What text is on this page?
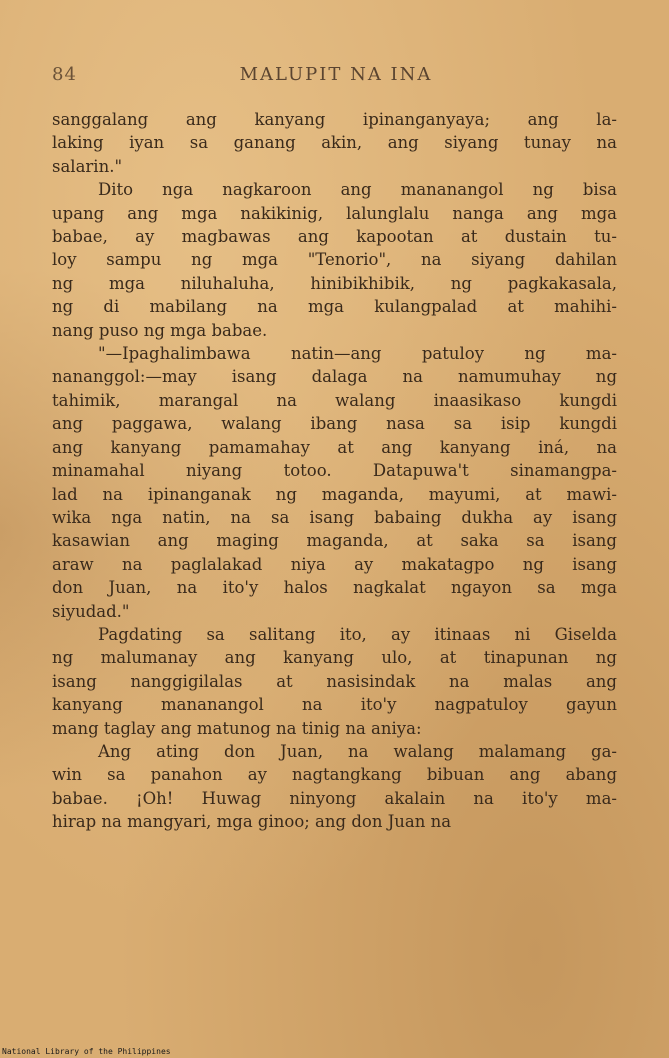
84	MALUPIT NA INA

sanggalang ang kanyang ipinanganyaya; ang la-
laking iyan sa ganang akin, ang siyang tunay na
salarin."

Dito nga nagkaroon ang mananangol ng bisa
upang ang mga nakikinig, lalunglalu nanga ang mga
babae, ay magbawas ang kapootan at dustain tu-
loy sampu ng mga "Tenorio", na siyang dahilan
ng mga niluhaluha, hinibikhibik, ng pagkakasala,
ng di mabilang na mga kulangpalad at mahihi-
nang puso ng mga babae.

"—Ipaghalimbawa natin—ang patuloy ng ma-
nananggol:—may isang dalaga na namumuhay ng
tahimik, marangal na walang inaasikaso kungdi
ang paggawa, walang ibang nasa sa isip kungdi
ang kanyang pamamahay at ang kanyang iná, na
minamahal niyang totoo. Datapuwa't sinamangpa-
lad na ipinanganak ng maganda, mayumi, at mawi-
wika nga natin, na sa isang babaing dukha ay isang
kasawian ang maging maganda, at saka sa isang
araw na paglalakad niya ay makatagpo ng isang
don Juan, na ito'y halos nagkalat ngayon sa mga
siyudad."

Pagdating sa salitang ito, ay itinaas ni Giselda
ng malumanay ang kanyang ulo, at tinapunan ng
isang nanggigilalas at nasisindak na malas ang
kanyang mananangol na ito'y nagpatuloy gayun
mang taglay ang matunog na tinig na aniya:

Ang ating don Juan, na walang malamang ga-
win sa panahon ay nagtangkang bibuan ang abang
babae. ¡Oh! Huwag ninyong akalain na ito'y ma-
hirap na mangyari, mga ginoo; ang don Juan na

National Library of the Philippines
